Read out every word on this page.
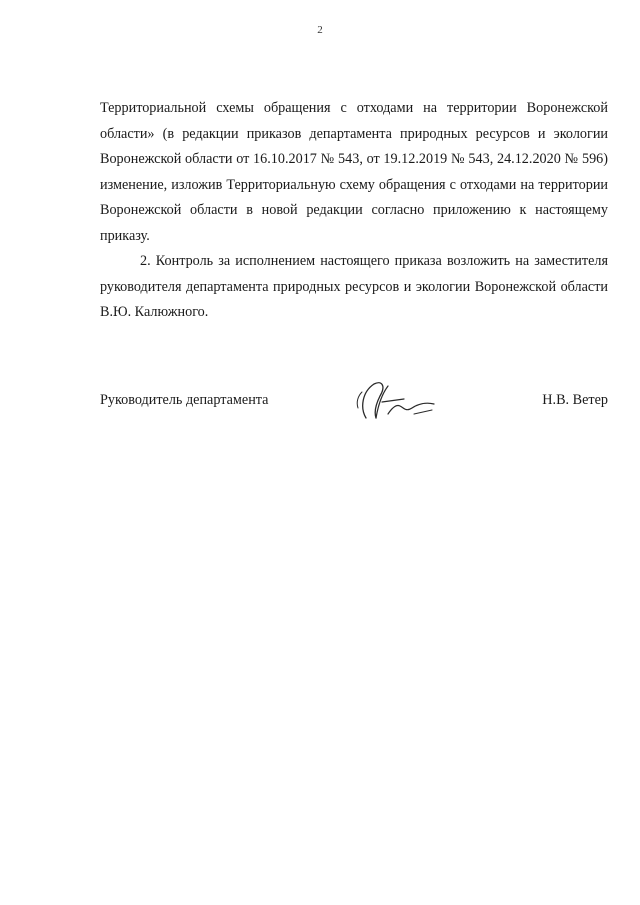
2

Территориальной схемы обращения с отходами на территории Воронежской области» (в редакции приказов департамента природных ресурсов и экологии Воронежской области от 16.10.2017 № 543, от 19.12.2019 № 543, 24.12.2020 № 596) изменение, изложив Территориальную схему обращения с отходами на территории Воронежской области в новой редакции согласно приложению к настоящему приказу.

2. Контроль за исполнением настоящего приказа возложить на заместителя руководителя департамента природных ресурсов и экологии Воронежской области В.Ю. Калюжного.

Руководитель департамента	Н.В. Ветер
